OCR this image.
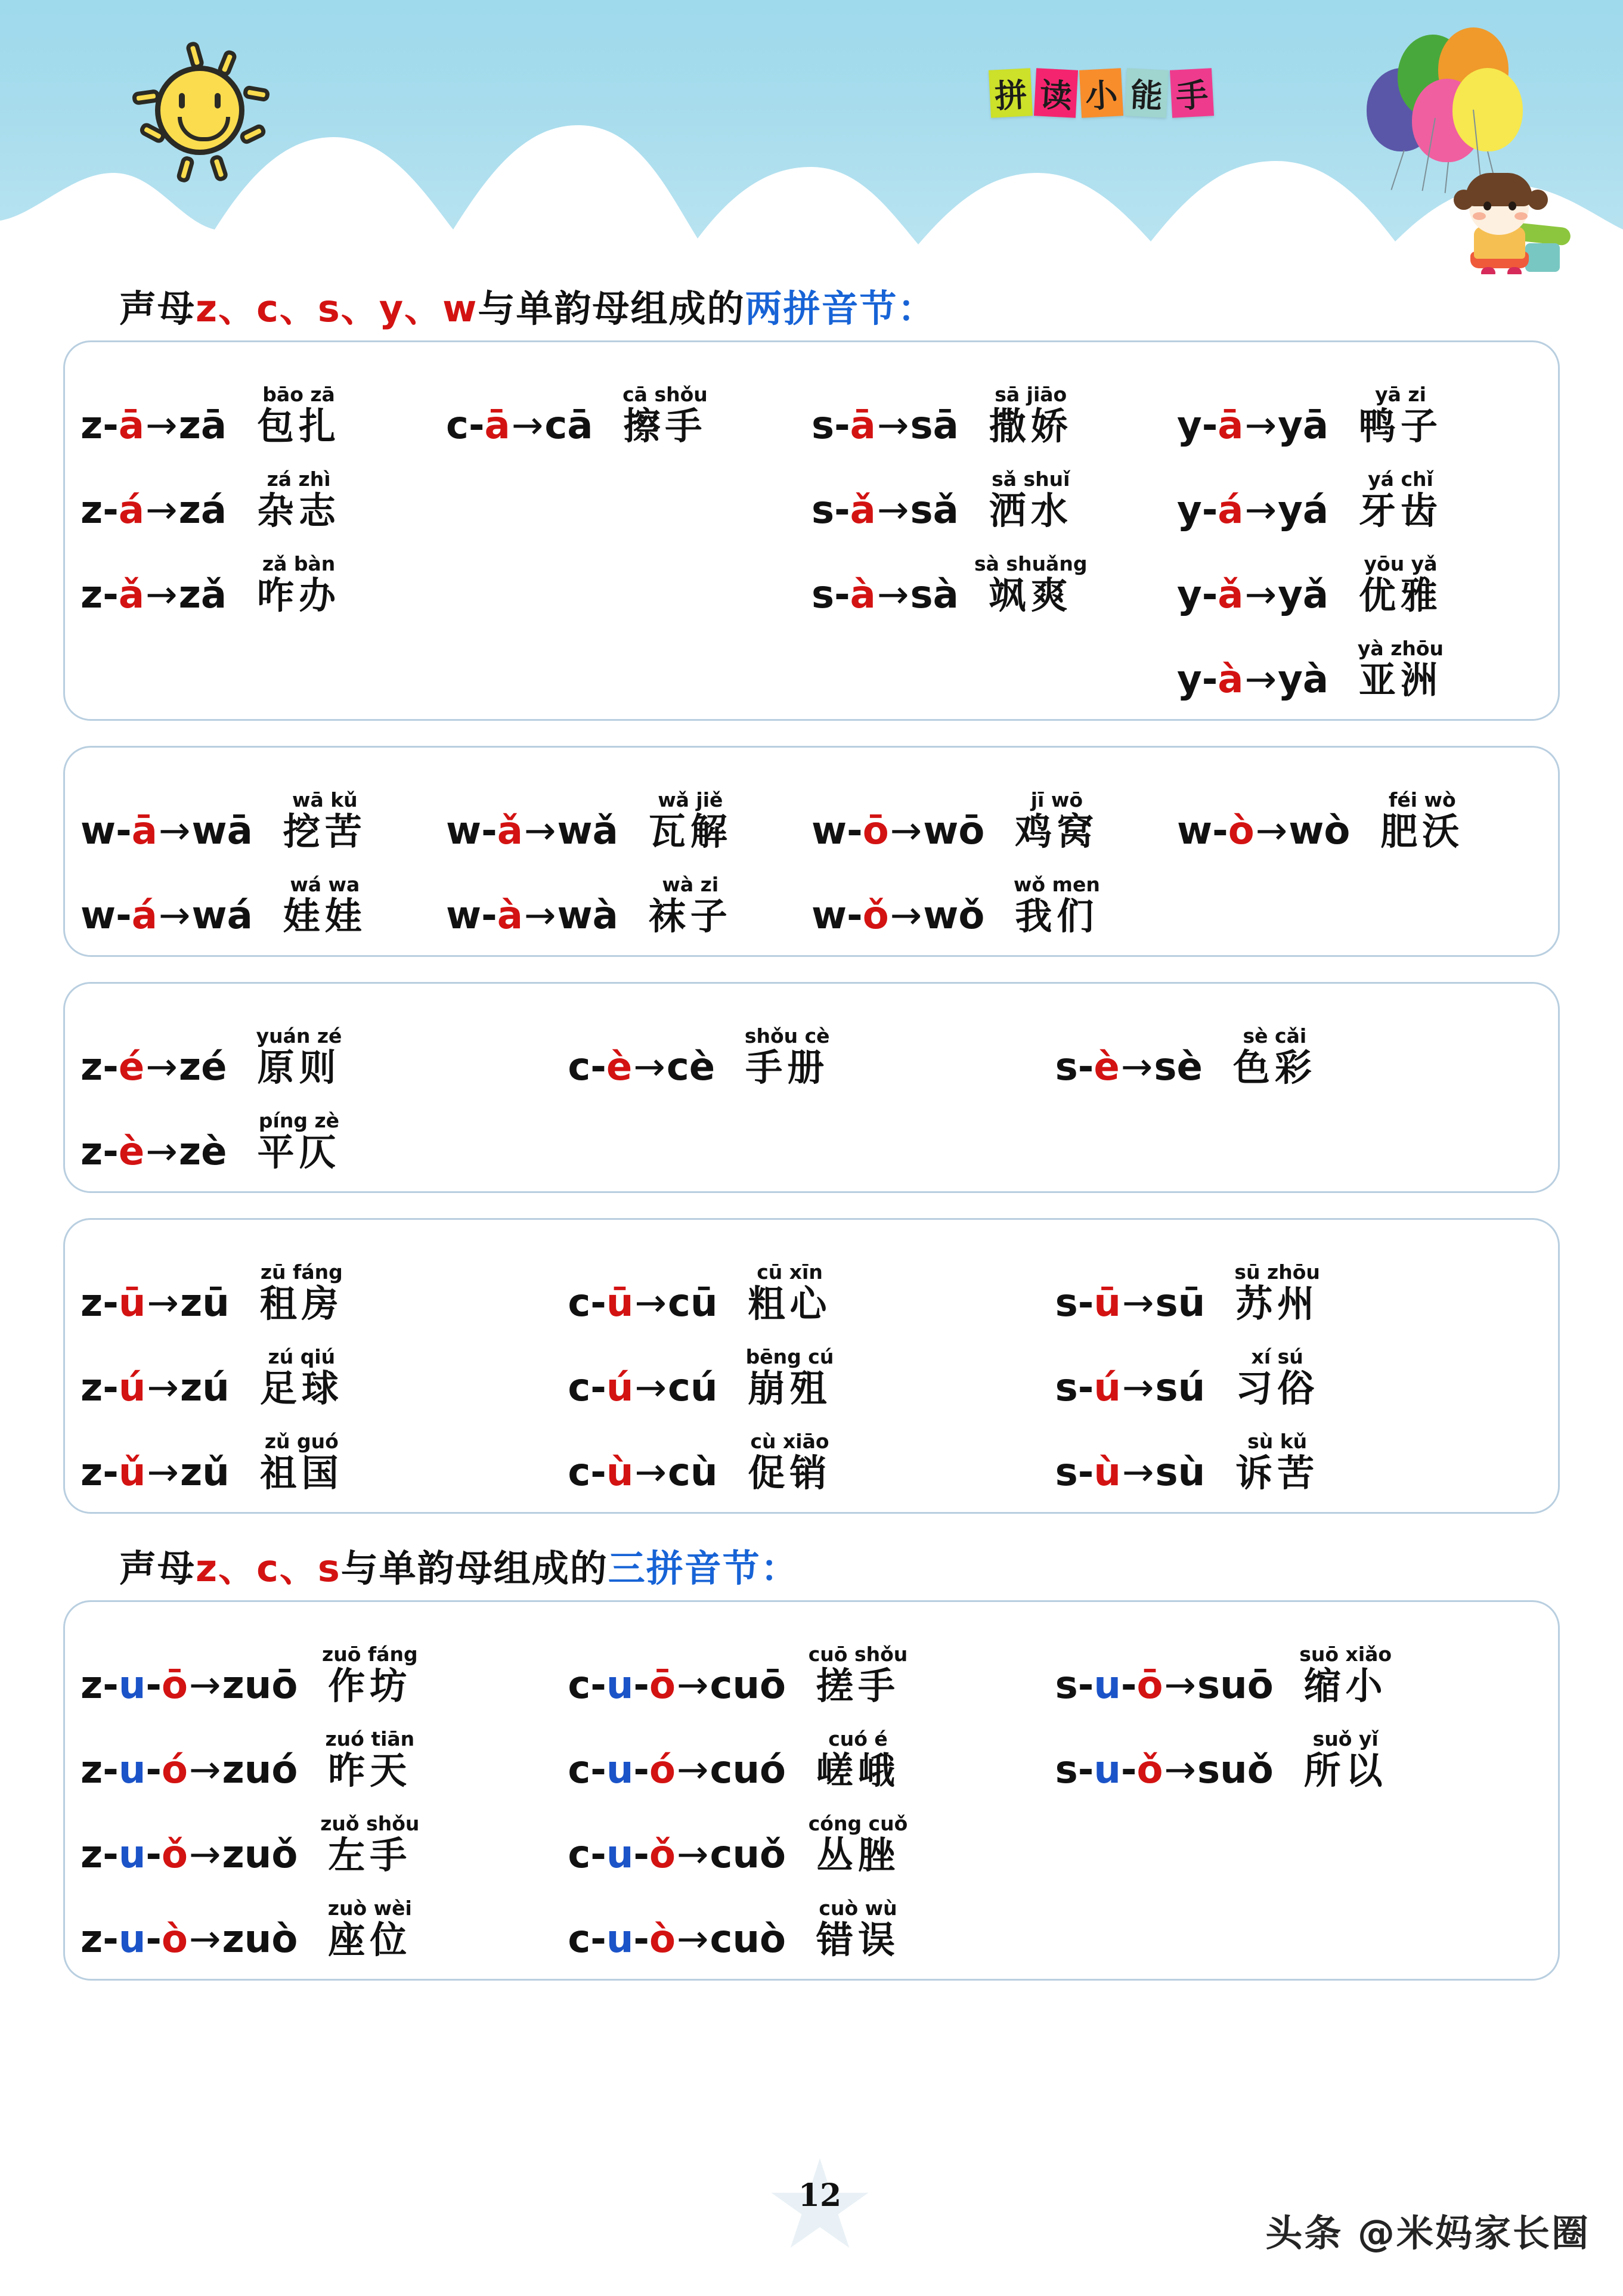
拼 读 小 能 手
声母z、c、s、y、w与单韵母组成的两拼音节：
z - ā → zā
bāo zā
包扎
z - á → zá
zá zhì
杂志
z - ǎ → zǎ
zǎ bàn
咋办
c - ā → cā
cā shǒu
擦手	s - ā → sā
sā jiāo
撒娇
s - ǎ → sǎ
sǎ shuǐ
洒水
s - à → sà
sà shuǎng
飒爽
y - ā → yā
yā zi
鸭子
y - á → yá
yá chǐ
牙齿
y - ǎ → yǎ
yōu yǎ
优雅
y - à → yà
yà zhōu
亚洲
w - ā → wā
wā kǔ
挖苦
w - á → wá
wá wa
娃娃
w - ǎ → wǎ
wǎ jiě
瓦解
w - à → wà
wà zi
袜子
w - ō → wō
jī wō
鸡窝
w - ǒ → wǒ
wǒ men
我们
w - ò → wò
féi wò
肥沃
z - é → zé
yuán zé
原则
z - è → zè
píng zè
平仄
c - è → cè
shǒu cè
手册	s - è → sè
sè cǎi
色彩
z - ū → zū
zū fáng
租房
z - ú → zú
zú qiú
足球
z - ǔ → zǔ
zǔ guó
祖国
c - ū → cū
cū xīn
粗心
c - ú → cú
bēng cú
崩殂
c - ù → cù
cù xiāo
促销
s - ū → sū
sū zhōu
苏州
s - ú → sú
xí sú
习俗
s - ù → sù
sù kǔ
诉苦
声母z、c、s与单韵母组成的三拼音节：
z - u - ō → zuō
zuō fáng
作坊
z - u - ó → zuó
zuó tiān
昨天
z - u - ǒ → zuǒ
zuǒ shǒu
左手
z - u - ò → zuò
zuò wèi
座位
c - u - ō → cuō
cuō shǒu
搓手
c - u - ó → cuó
cuó é
嵯峨
c - u - ǒ → cuǒ
cóng cuǒ
丛脞
c - u - ò → cuò
cuò wù
错误
s - u - ō → suō
suō xiǎo
缩小
s - u - ǒ → suǒ
suǒ yǐ
所以
12
头条 @米妈家长圈
